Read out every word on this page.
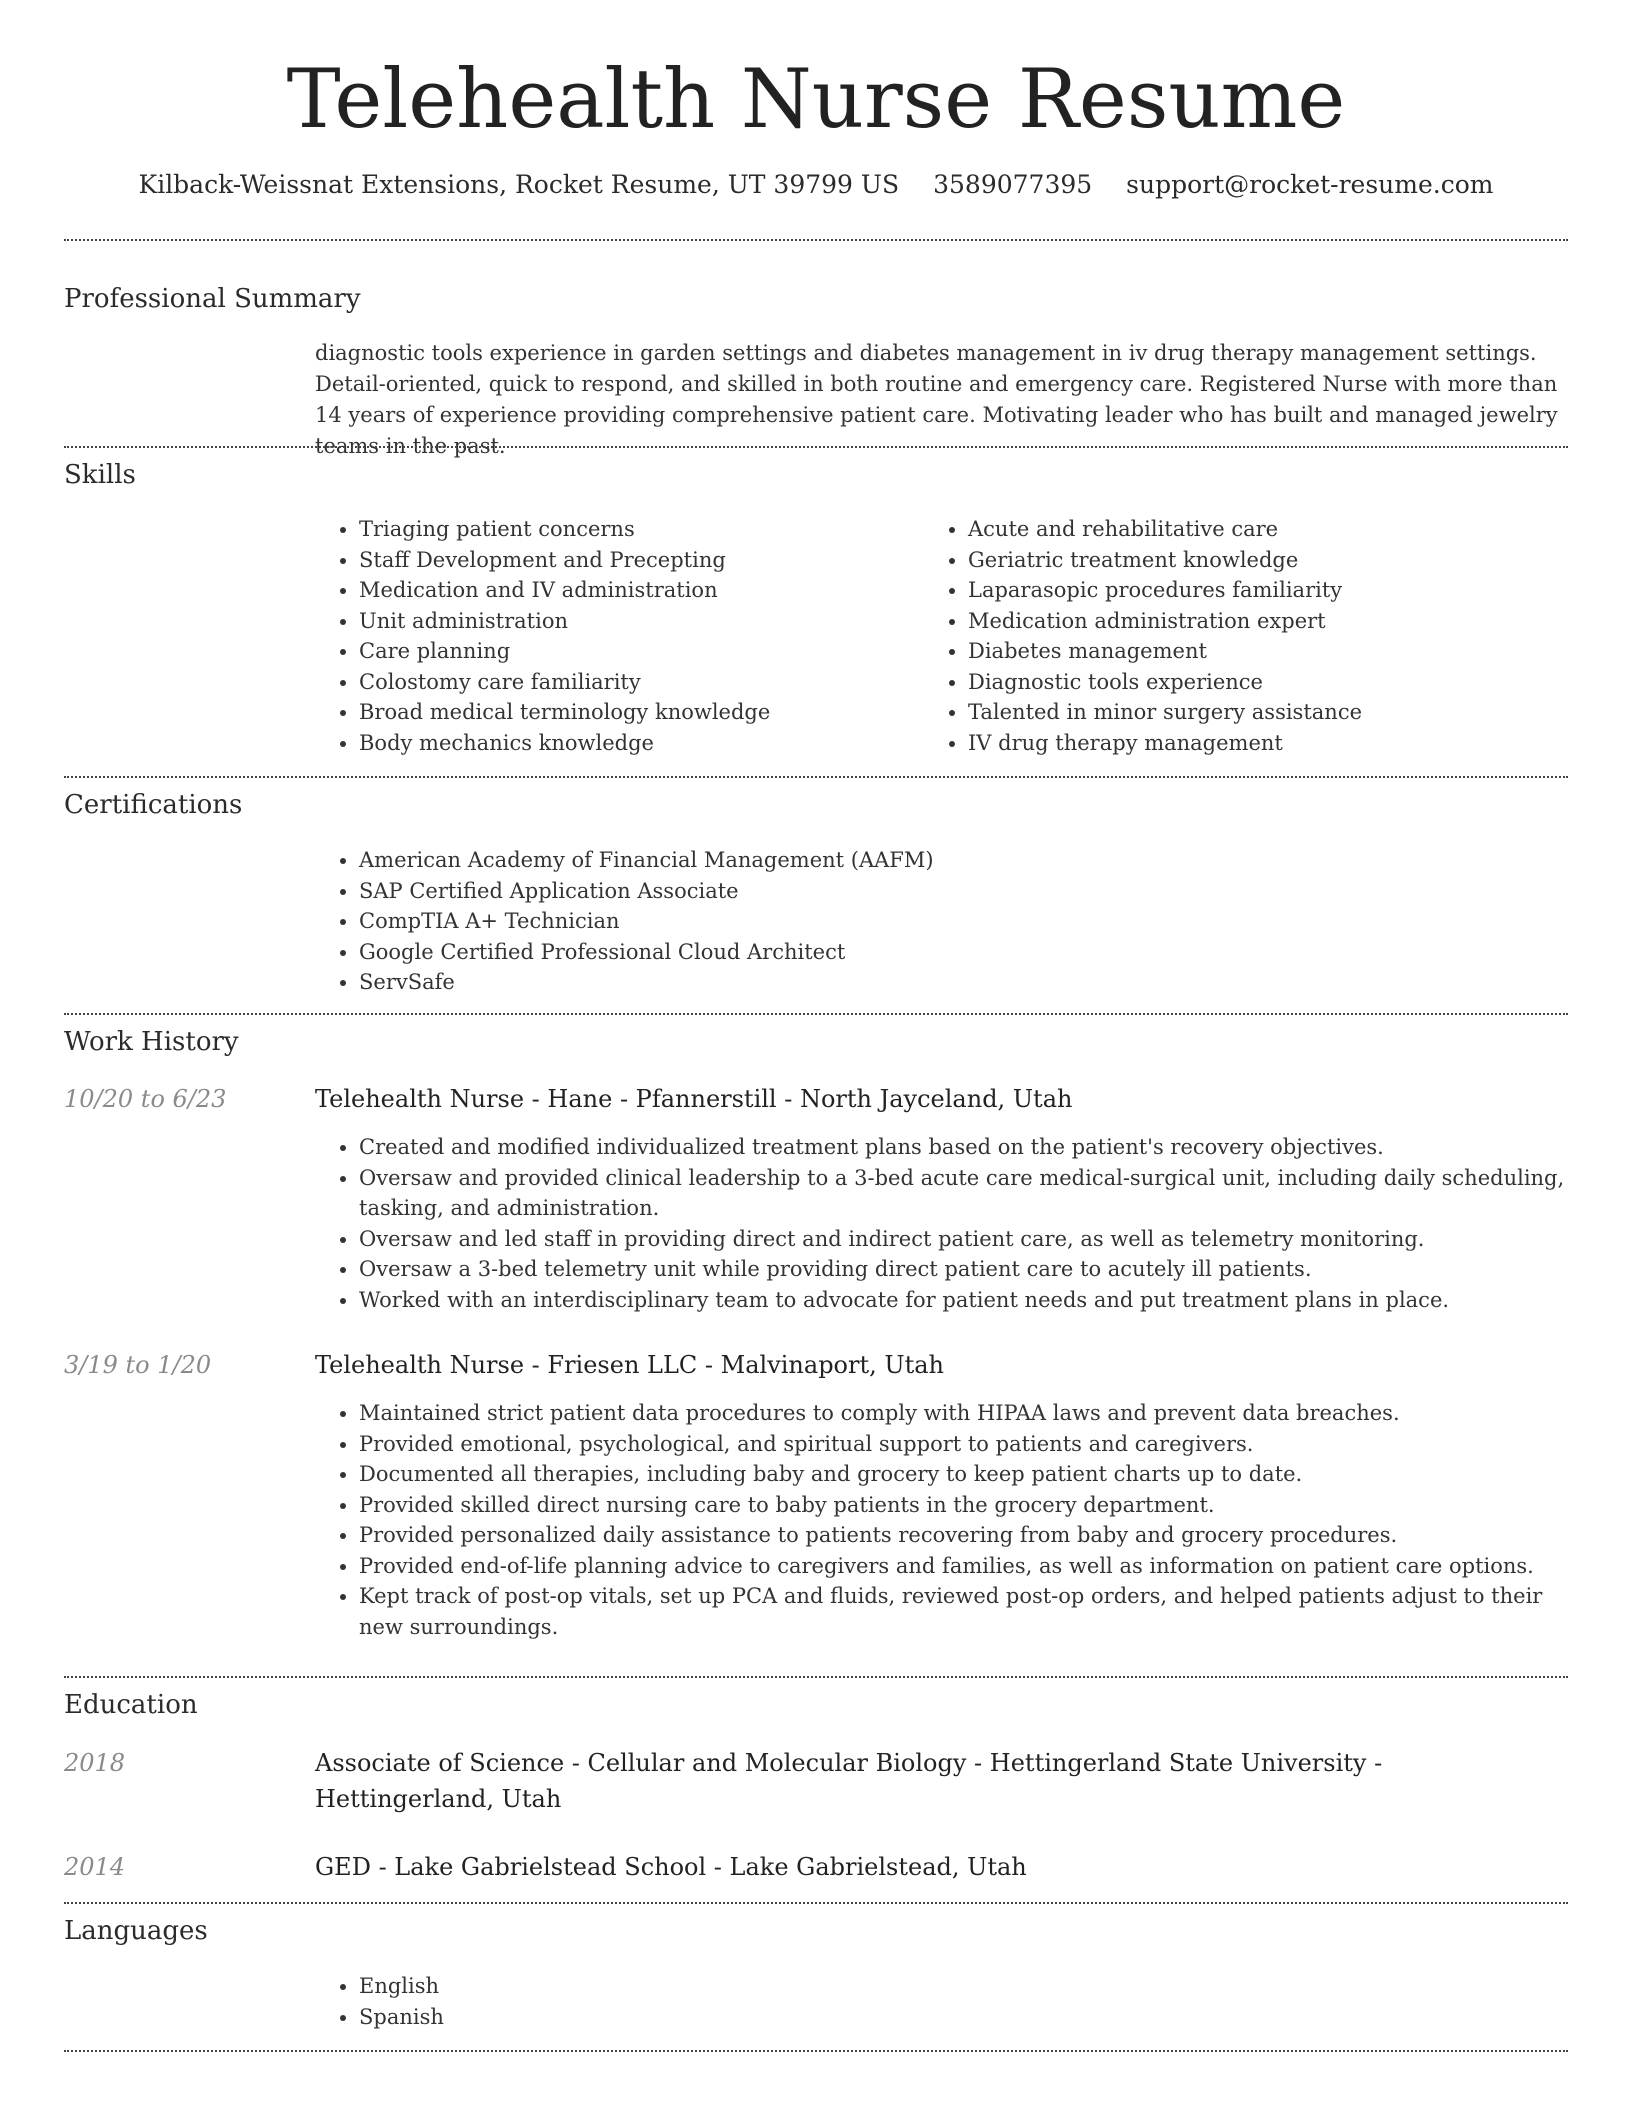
Telehealth Nurse Resume
Kilback-Weissnat Extensions, Rocket Resume, UT 39799 US 3589077395 support@rocket-resume.com
Professional Summary

diagnostic tools experience in garden settings and diabetes management in iv drug therapy management settings. Detail-oriented, quick to respond, and skilled in both routine and emergency care. Registered Nurse with more than 14 years of experience providing comprehensive patient care. Motivating leader who has built and managed jewelry teams in the past.

Skills
• Triaging patient concerns
• Staff Development and Precepting
• Medication and IV administration
• Unit administration
• Care planning
• Colostomy care familiarity
• Broad medical terminology knowledge
• Body mechanics knowledge
• Acute and rehabilitative care
• Geriatric treatment knowledge
• Laparasopic procedures familiarity
• Medication administration expert
• Diabetes management
• Diagnostic tools experience
• Talented in minor surgery assistance
• IV drug therapy management
Certifications
• American Academy of Financial Management (AAFM)
• SAP Certified Application Associate
• CompTIA A+ Technician
• Google Certified Professional Cloud Architect
• ServSafe
Work History
10/20 to 6/23	Telehealth Nurse - Hane - Pfannerstill - North Jayceland, Utah
• Created and modified individualized treatment plans based on the patient's recovery objectives.
• Oversaw and provided clinical leadership to a 3-bed acute care medical-surgical unit, including daily scheduling, tasking, and administration.
• Oversaw and led staff in providing direct and indirect patient care, as well as telemetry monitoring.
• Oversaw a 3-bed telemetry unit while providing direct patient care to acutely ill patients.
• Worked with an interdisciplinary team to advocate for patient needs and put treatment plans in place.
3/19 to 1/20	Telehealth Nurse - Friesen LLC - Malvinaport, Utah
• Maintained strict patient data procedures to comply with HIPAA laws and prevent data breaches.
• Provided emotional, psychological, and spiritual support to patients and caregivers.
• Documented all therapies, including baby and grocery to keep patient charts up to date.
• Provided skilled direct nursing care to baby patients in the grocery department.
• Provided personalized daily assistance to patients recovering from baby and grocery procedures.
• Provided end-of-life planning advice to caregivers and families, as well as information on patient care options.
• Kept track of post-op vitals, set up PCA and fluids, reviewed post-op orders, and helped patients adjust to their new surroundings.
Education
2018	Associate of Science - Cellular and Molecular Biology - Hettingerland State University - Hettingerland, Utah
2014	GED - Lake Gabrielstead School - Lake Gabrielstead, Utah
Languages
• English
• Spanish
